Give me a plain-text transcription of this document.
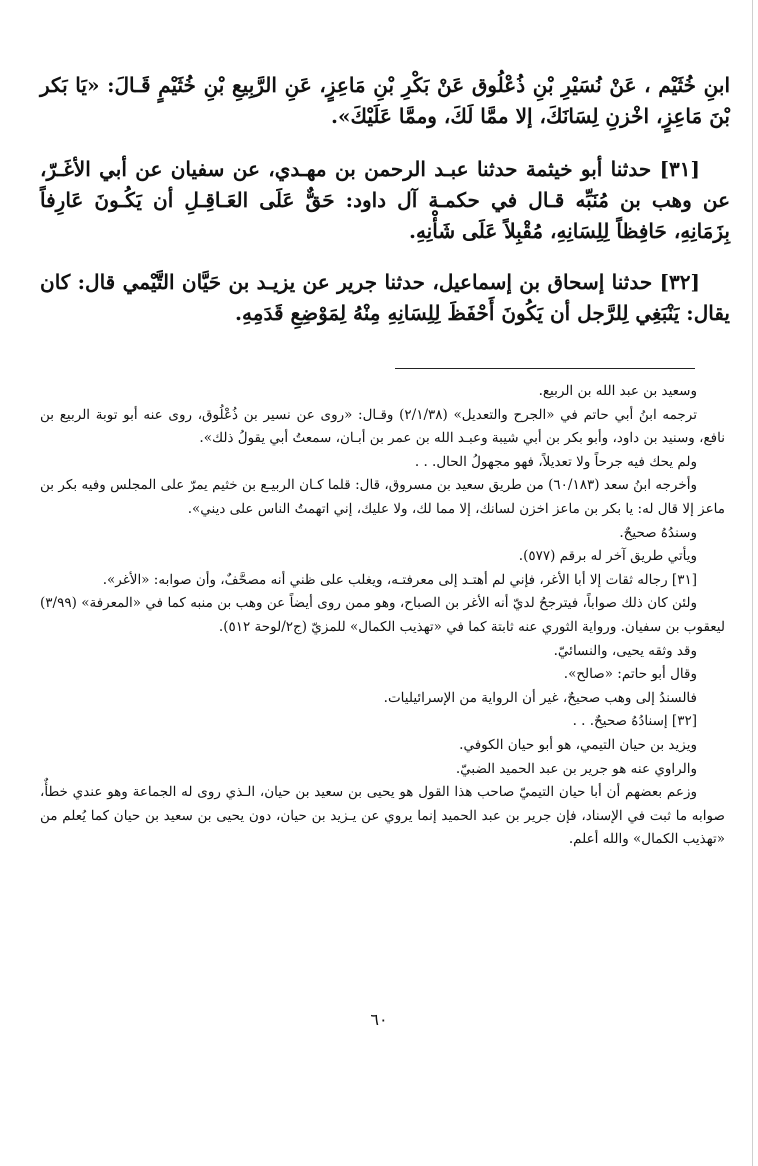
ابنِ خُثَيْم ، عَنْ نُسَيْرِ بْنِ ذُعْلُوق عَنْ بَكْرِ بْنِ مَاعِزٍ، عَنِ الرَّبِيعِ بْنِ خُثَيْمٍ قَـالَ: «يَا بَكر بْنَ مَاعِزٍ، اخْزنِ لِسَانَكَ، إلا ممَّا لَكَ، وممَّا عَلَيْكَ».

[٣١] حدثنا أبو خيثمة حدثنا عبـد الرحمن بن مهـدي، عن سفيان عن أبي الأغَـرّ، عن وهب بن مُنَبِّه قـال في حكمـة آل داود: حَقٌّ عَلَى العَـاقِـلِ أن يَكُـونَ عَارِفاً بِزَمَانِهِ، حَافِظاً لِلِسَانِهِ، مُقْبِلاً عَلَى شَأْنِهِ.

[٣٢] حدثنا إسحاق بن إسماعيل، حدثنا جرير عن يزيـد بن حَيَّان التَّيْمي قال: كان يقال: يَنْبَغِي لِلرَّجل أن يَكُونَ أَحْفَظَ لِلِسَانِهِ مِنْهُ لِمَوْضِعِ قَدَمِهِ.

وسعيد بن عبد الله بن الربيع.

ترجمه ابنُ أبي حاتم في «الجرح والتعديل» (٢/١/٣٨) وقـال: «روى عن نسير بن ذُعْلُوق، روى عنه أبو توبة الربيع بن نافع، وسنيد بن داود، وأبو بكر بن أبي شيبة وعبـد الله بن عمر بن أبـان، سمعتُ أبي يقولُ ذلك».

ولم يحك فيه جرحاً ولا تعديلاً، فهو مجهولُ الحال. . .

وأخرجه ابنُ سعد (٦٠/١٨٣) من طريق سعيد بن مسروق، قال: قلما كـان الربيـع بن خثيم يمرّ على المجلس وفيه بكر بن ماعز إلا قال له: يا بكر بن ماعز اخزن لسانك، إلا مما لك، ولا عليك، إني اتهمتُ الناس على ديني».

وسندُهُ صحيحٌ.

ويأتي طريق آخر له برقم (٥٧٧).

[٣١] رجاله ثقات إلا أبا الأغر، فإني لم أهتـد إلى معرفتـه، ويغلب على ظني أنه مصحَّفٌ، وأن صوابه: «الأغر».

ولئن كان ذلك صواباً، فيترجحُ لديّ أنه الأغر بن الصباح، وهو ممن روى أيضاً عن وهب بن منبه كما في «المعرفة» (٣/٩٩) ليعقوب بن سفيان. ورواية الثوري عنه ثابتة كما في «تهذيب الكمال» للمزيّ (ج٢/لوحة ٥١٢).

وقد وثقه يحيى، والنسائيّ.

وقال أبو حاتم: «صالح».

فالسندُ إلى وهب صحيحٌ، غير أن الرواية من الإسرائيليات.

[٣٢] إسنادُهُ صحيحٌ. . .

ويزيد بن حيان التيمي، هو أبو حيان الكوفي.

والراوي عنه هو جرير بن عبد الحميد الضبيّ.

وزعم بعضهم أن أبا حيان التيميّ صاحب هذا القول هو يحيى بن سعيد بن حيان، الـذي روى له الجماعة وهو عندي خطأٌ، صوابه ما ثبت في الإسناد، فإن جرير بن عبد الحميد إنما يروي عن يـزيد بن حيان، دون يحيى بن سعيد بن حيان كما يُعلم من «تهذيب الكمال» والله أعلم.

٦٠
